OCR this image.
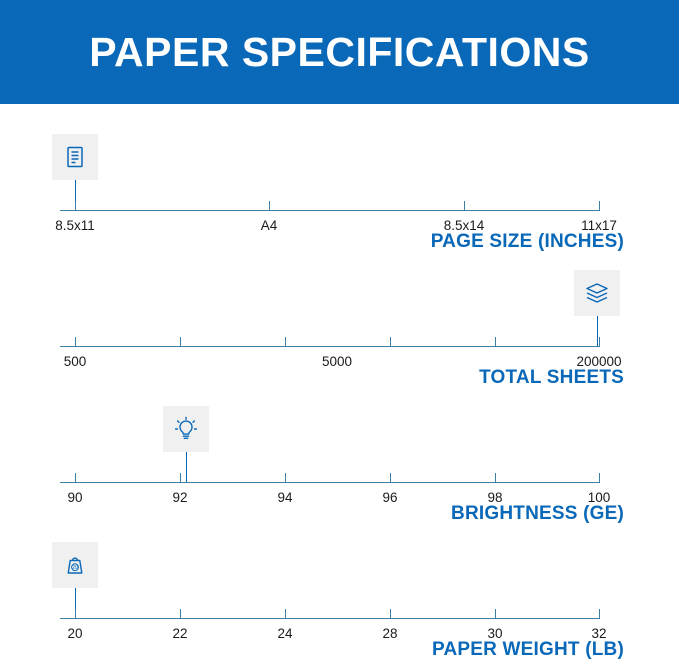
PAPER SPECIFICATIONS
8.5x11	A4	8.5x14	11x17
PAGE SIZE (INCHES)
500	5000	200000
TOTAL SHEETS
90	92	94	96	98	100
BRIGHTNESS (GE)
20
20	22	24	28	30	32
PAPER WEIGHT (LB)
